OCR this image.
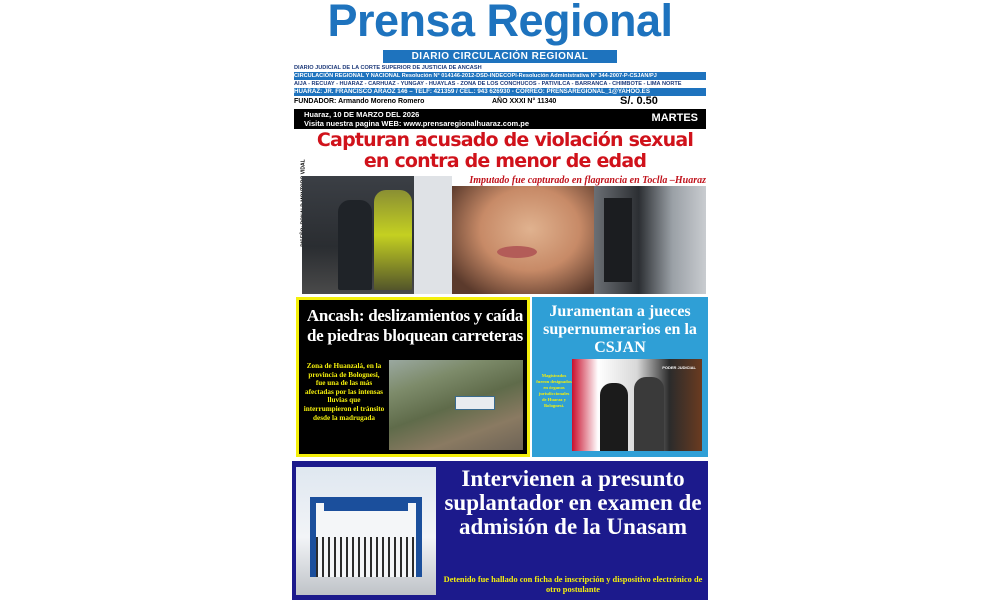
Prensa Regional
DIARIO CIRCULACIÓN REGIONAL
DIARIO JUDICIAL DE LA CORTE SUPERIOR DE JUSTICIA DE ANCASH
CIRCULACIÓN REGIONAL Y NACIONAL Resolución N° 014146-2012-DSD-INDECOPI-Resolución Administrativa N° 344-2007-P-CSJAN/PJ
AIJA - RECUAY - HUARAZ - CARHUAZ - YUNGAY - HUAYLAS - ZONA DE LOS CONCHUCOS - PATIVILCA - BARRANCA - CHIMBOTE - LIMA NORTE
HUARAZ: JR. FRANCISCO ARAOZ 146 – TELF: 421359 / CEL.: 943 626930 - CORREO: PRENSAREGIONAL_1@YAHOO.ES
FUNDADOR: Armando Moreno Romero	AÑO XXXI N° 11340	S/. 0.50
Huaraz, 10 DE MARZO DEL 2026
Visita nuestra pagina WEB: www.prensaregionalhuaraz.com.pe	MARTES
Capturan acusado de violación sexual en contra de menor de edad
Imputado fue capturado en flagrancia en Toclla –Huaraz
Ancash: deslizamientos y caída de piedras bloquean carreteras
Zona de Huanzalá, en la provincia de Bolognesi, fue una de las más afectadas por las intensas lluvias que interrumpieron el tránsito desde la madrugada
Juramentan a jueces supernumerarios en la CSJAN
Magistrados fueron designados en órganos jurisdiccionales de Huaraz y Bolognesi.
PODER JUDICIAL
Intervienen a presunto suplantador en examen de admisión de la Unasam
Detenido fue hallado con ficha de inscripción y dispositivo electrónico de otro postulante
